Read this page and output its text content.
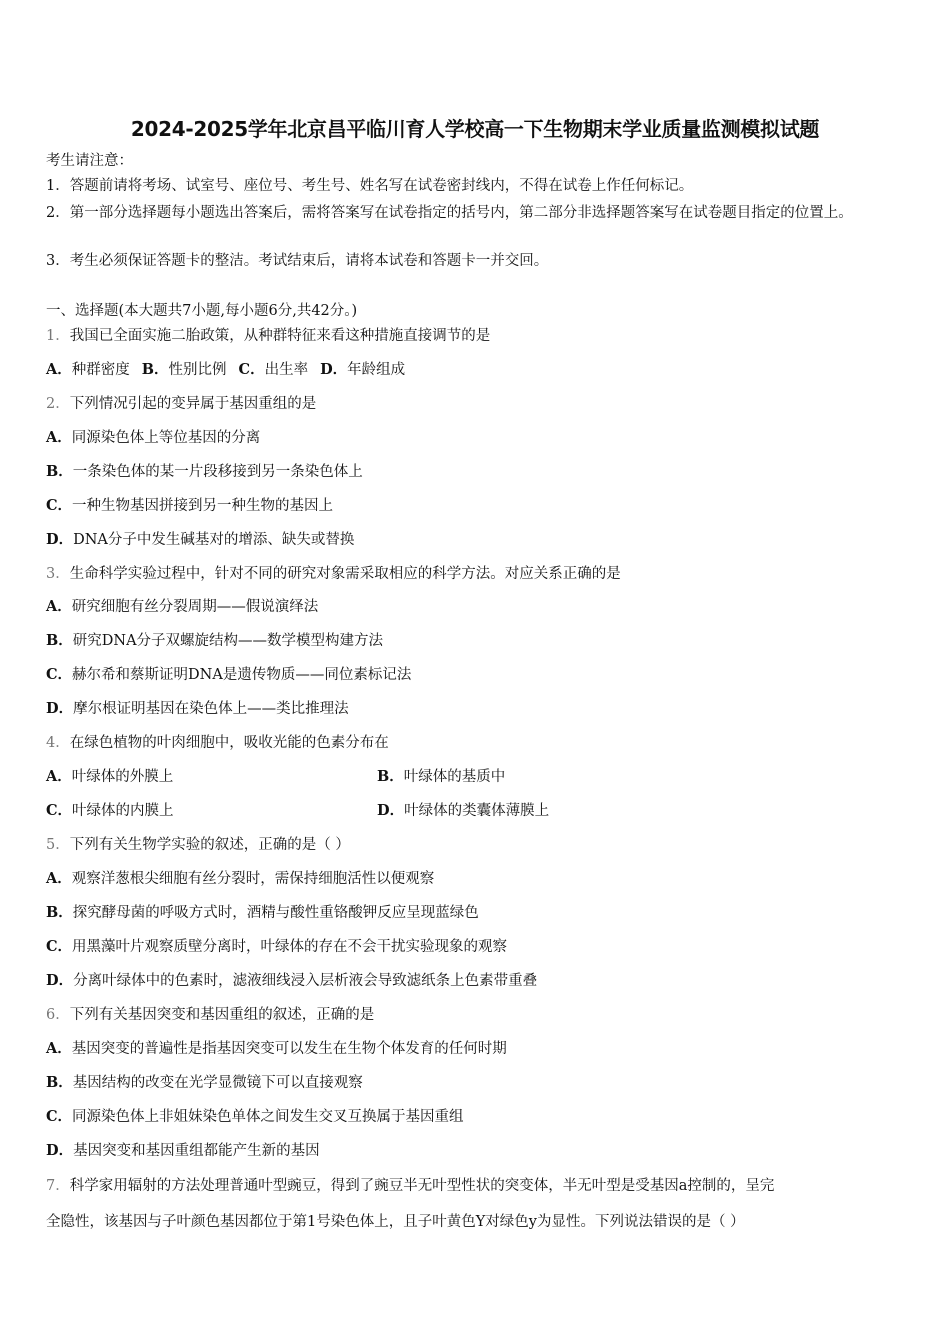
2024-2025学年北京昌平临川育人学校高一下生物期末学业质量监测模拟试题
考生请注意：
1．答题前请将考场、试室号、座位号、考生号、姓名写在试卷密封线内，不得在试卷上作任何标记。
2．第一部分选择题每小题选出答案后，需将答案写在试卷指定的括号内，第二部分非选择题答案写在试卷题目指定的位置上。
3．考生必须保证答题卡的整洁。考试结束后，请将本试卷和答题卡一并交回。
一、选择题(本大题共7小题,每小题6分,共42分。)
1．我国已全面实施二胎政策，从种群特征来看这种措施直接调节的是
A．种群密度 B．性别比例 C．出生率 D．年龄组成
2．下列情况引起的变异属于基因重组的是
A．同源染色体上等位基因的分离
B．一条染色体的某一片段移接到另一条染色体上
C．一种生物基因拼接到另一种生物的基因上
D．DNA分子中发生碱基对的增添、缺失或替换
3．生命科学实验过程中，针对不同的研究对象需采取相应的科学方法。对应关系正确的是
A．研究细胞有丝分裂周期——假说演绎法
B．研究DNA分子双螺旋结构——数学模型构建方法
C．赫尔希和蔡斯证明DNA是遗传物质——同位素标记法
D．摩尔根证明基因在染色体上——类比推理法
4．在绿色植物的叶肉细胞中，吸收光能的色素分布在
A．叶绿体的外膜上	B．叶绿体的基质中
C．叶绿体的内膜上	D．叶绿体的类囊体薄膜上
5．下列有关生物学实验的叙述，正确的是（ ）
A．观察洋葱根尖细胞有丝分裂时，需保持细胞活性以便观察
B．探究酵母菌的呼吸方式时，酒精与酸性重铬酸钾反应呈现蓝绿色
C．用黑藻叶片观察质壁分离时，叶绿体的存在不会干扰实验现象的观察
D．分离叶绿体中的色素时，滤液细线浸入层析液会导致滤纸条上色素带重叠
6．下列有关基因突变和基因重组的叙述，正确的是
A．基因突变的普遍性是指基因突变可以发生在生物个体发育的任何时期
B．基因结构的改变在光学显微镜下可以直接观察
C．同源染色体上非姐妹染色单体之间发生交叉互换属于基因重组
D．基因突变和基因重组都能产生新的基因
7．科学家用辐射的方法处理普通叶型豌豆，得到了豌豆半无叶型性状的突变体，半无叶型是受基因a控制的，呈完
全隐性，该基因与子叶颜色基因都位于第1号染色体上，且子叶黄色Y对绿色y为显性。下列说法错误的是（ ）
